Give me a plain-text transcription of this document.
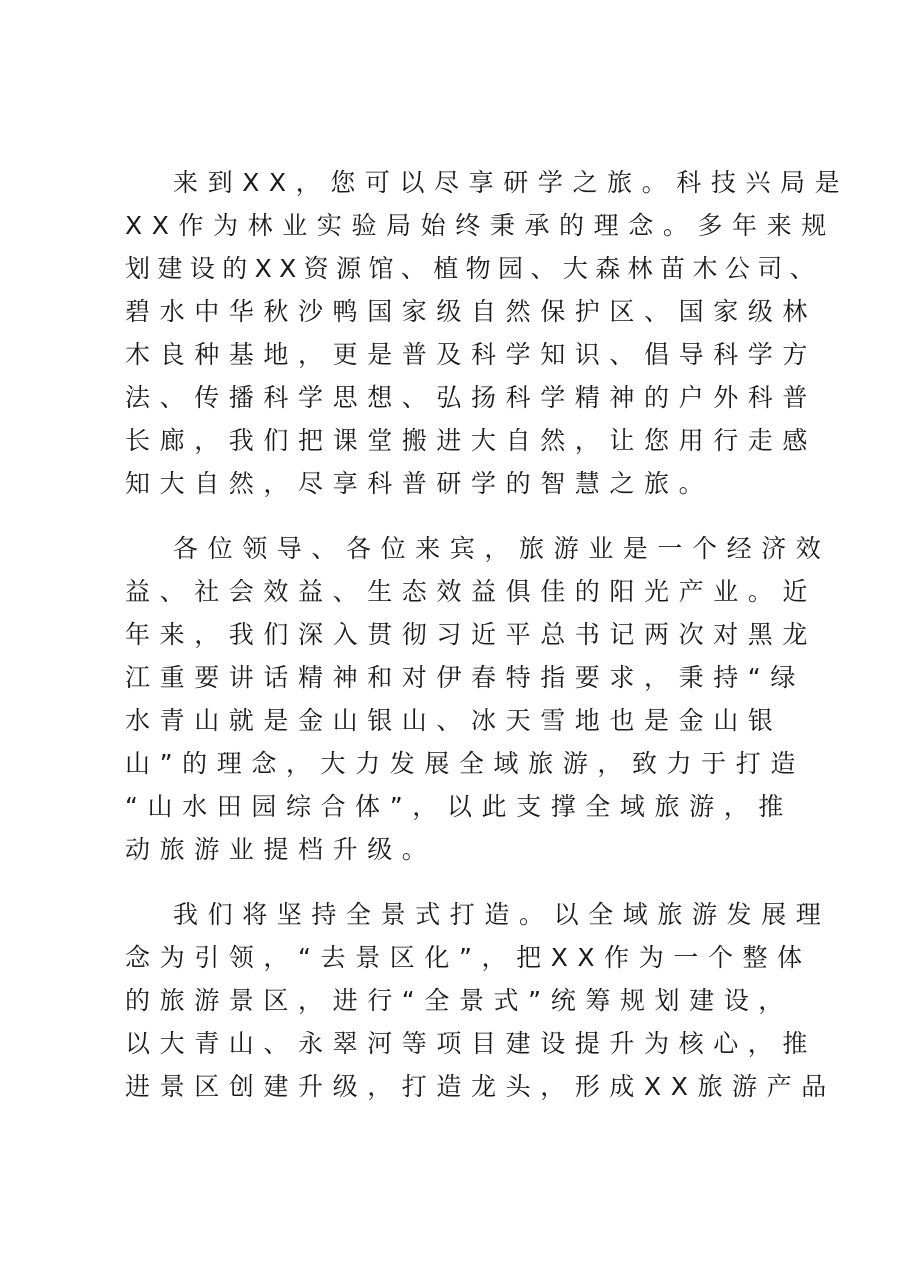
来到XX，您可以尽享研学之旅。科技兴局是
XX作为林业实验局始终秉承的理念。多年来规
划建设的XX资源馆、植物园、大森林苗木公司、
碧水中华秋沙鸭国家级自然保护区、国家级林
木良种基地，更是普及科学知识、倡导科学方
法、传播科学思想、弘扬科学精神的户外科普
长廊，我们把课堂搬进大自然，让您用行走感
知大自然，尽享科普研学的智慧之旅。
各位领导、各位来宾，旅游业是一个经济效
益、社会效益、生态效益俱佳的阳光产业。近
年来，我们深入贯彻习近平总书记两次对黑龙
江重要讲话精神和对伊春特指要求，秉持“绿
水青山就是金山银山、冰天雪地也是金山银
山”的理念，大力发展全域旅游，致力于打造
“山水田园综合体”，以此支撑全域旅游，推
动旅游业提档升级。
我们将坚持全景式打造。以全域旅游发展理
念为引领，“去景区化”，把XX作为一个整体
的旅游景区，进行“全景式”统筹规划建设，
以大青山、永翠河等项目建设提升为核心，推
进景区创建升级，打造龙头，形成XX旅游产品
